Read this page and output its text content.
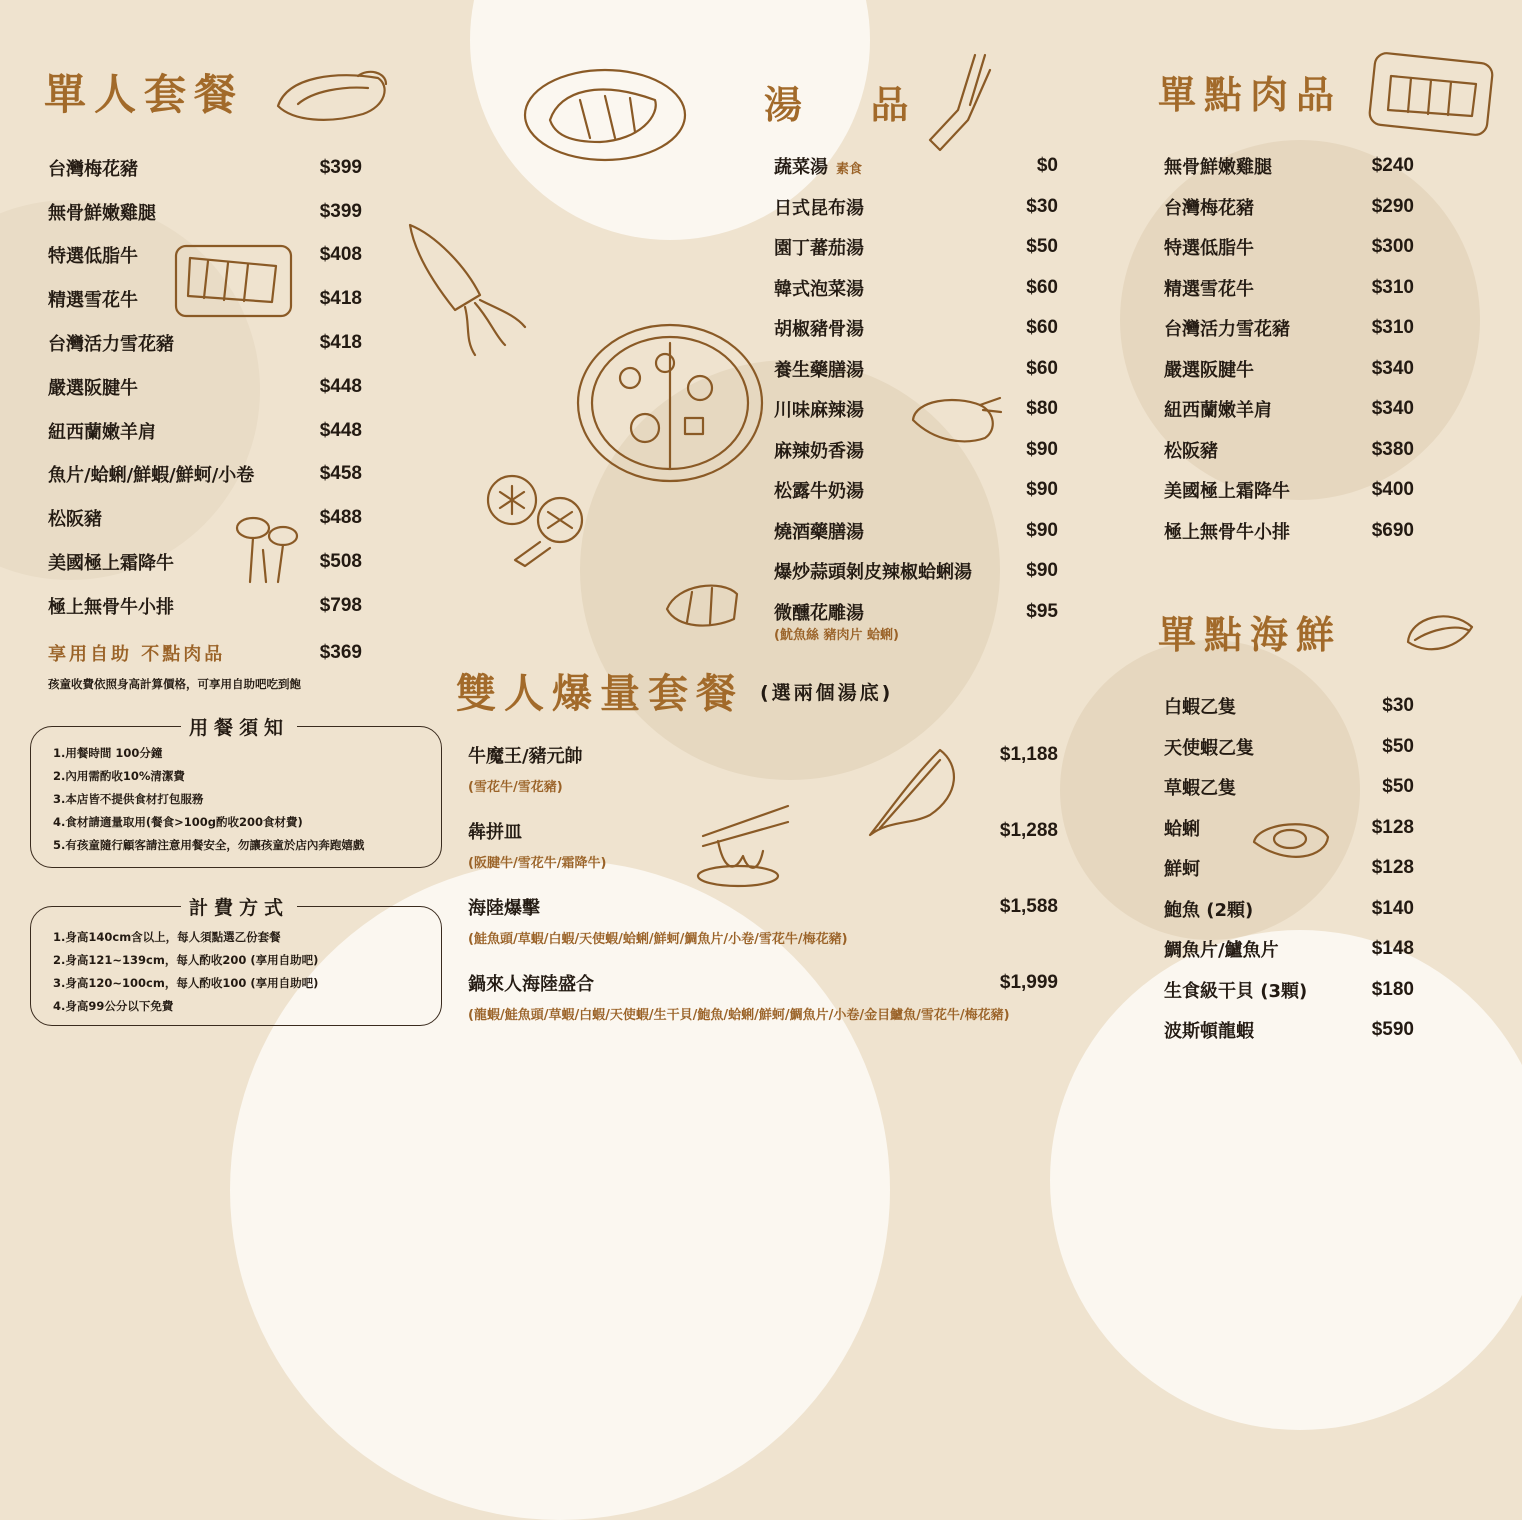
單人套餐
台灣梅花豬	$399
無骨鮮嫩雞腿	$399
特選低脂牛	$408
精選雪花牛	$418
台灣活力雪花豬	$418
嚴選阪腱牛	$448
紐西蘭嫩羊肩	$448
魚片/蛤蜊/鮮蝦/鮮蚵/小卷	$458
松阪豬	$488
美國極上霜降牛	$508
極上無骨牛小排	$798
享用自助 不點肉品	$369
孩童收費依照身高計算價格，可享用自助吧吃到飽
用餐須知
1.用餐時間 100分鐘
2.內用需酌收10%清潔費
3.本店皆不提供食材打包服務
4.食材請適量取用(餐食>100g酌收200食材費)
5.有孩童隨行顧客請注意用餐安全，勿讓孩童於店內奔跑嬉戲
計費方式
1.身高140cm含以上，每人須點選乙份套餐
2.身高121~139cm，每人酌收200 (享用自助吧)
3.身高120~100cm，每人酌收100 (享用自助吧)
4.身高99公分以下免費
湯  品
蔬菜湯 素食	$0
日式昆布湯	$30
園丁蕃茄湯	$50
韓式泡菜湯	$60
胡椒豬骨湯	$60
養生藥膳湯	$60
川味麻辣湯	$80
麻辣奶香湯	$90
松露牛奶湯	$90
燒酒藥膳湯	$90
爆炒蒜頭剝皮辣椒蛤蜊湯	$90
微醺花雕湯	$95
(魷魚絲 豬肉片 蛤蜊)
雙人爆量套餐 (選兩個湯底)
牛魔王/豬元帥	$1,188
(雪花牛/雪花豬)
犇拼皿	$1,288
(阪腱牛/雪花牛/霜降牛)
海陸爆擊	$1,588
(鮭魚頭/草蝦/白蝦/天使蝦/蛤蜊/鮮蚵/鯛魚片/小卷/雪花牛/梅花豬)
鍋來人海陸盛合	$1,999
(龍蝦/鮭魚頭/草蝦/白蝦/天使蝦/生干貝/鮑魚/蛤蜊/鮮蚵/鯛魚片/小卷/金目鱸魚/雪花牛/梅花豬)
單點肉品
無骨鮮嫩雞腿	$240
台灣梅花豬	$290
特選低脂牛	$300
精選雪花牛	$310
台灣活力雪花豬	$310
嚴選阪腱牛	$340
紐西蘭嫩羊肩	$340
松阪豬	$380
美國極上霜降牛	$400
極上無骨牛小排	$690
單點海鮮
白蝦乙隻	$30
天使蝦乙隻	$50
草蝦乙隻	$50
蛤蜊	$128
鮮蚵	$128
鮑魚 (2顆)	$140
鯛魚片/鱸魚片	$148
生食級干貝 (3顆)	$180
波斯頓龍蝦	$590
